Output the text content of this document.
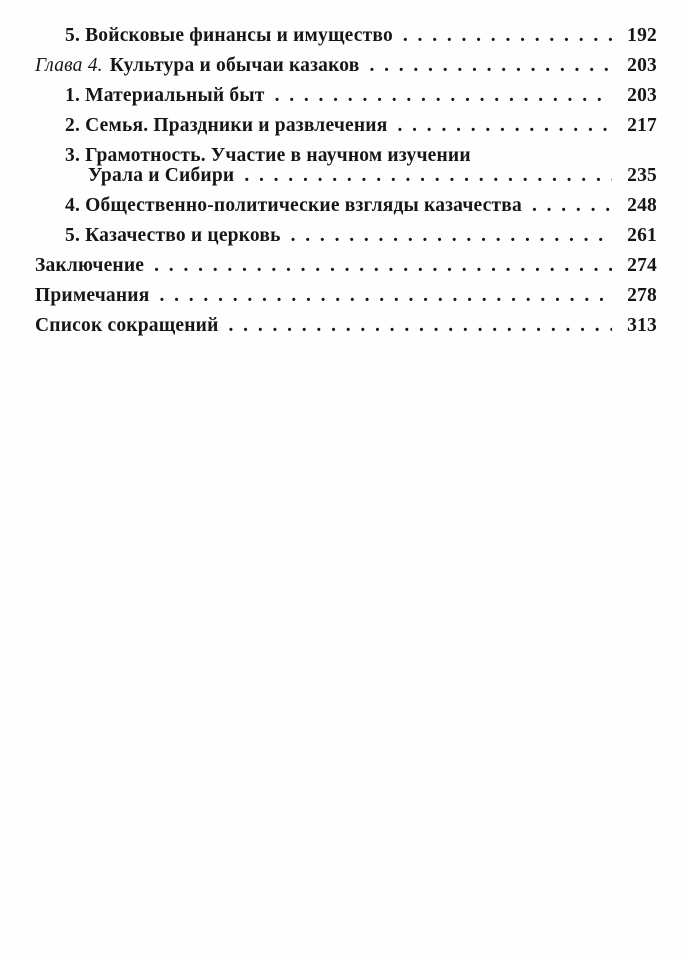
5. Войсковые финансы и имущество . . .	192
Глава 4. Культура и обычаи казаков . . .	203
1. Материальный быт . . .	203
2. Семья. Праздники и развлечения . . .	217
3. Грамотность. Участие в научном изучении
Урала и Сибири . . .	235
4. Общественно-политические взгляды казачества . . .	248
5. Казачество и церковь . . .	261
Заключение . . .	274
Примечания . . .	278
Список сокращений . . .	313
